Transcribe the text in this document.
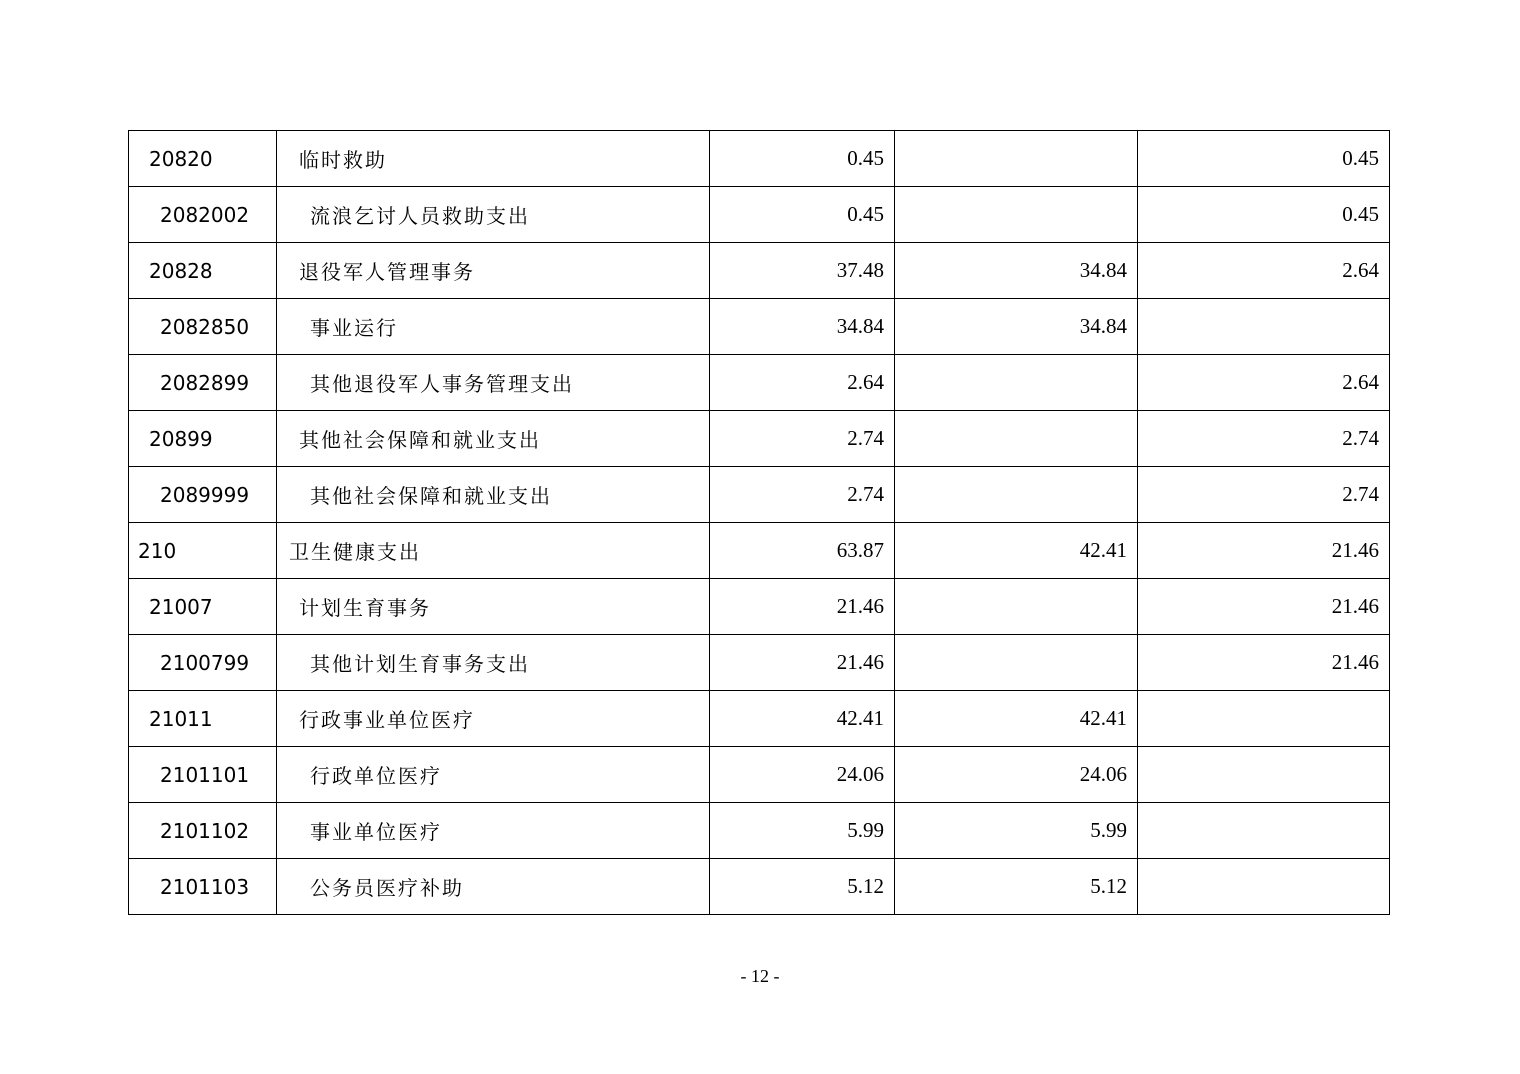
20820	临时救助	0.45		0.45
2082002	流浪乞讨人员救助支出	0.45		0.45
20828	退役军人管理事务	37.48	34.84	2.64
2082850	事业运行	34.84	34.84	
2082899	其他退役军人事务管理支出	2.64		2.64
20899	其他社会保障和就业支出	2.74		2.74
2089999	其他社会保障和就业支出	2.74		2.74
210	卫生健康支出	63.87	42.41	21.46
21007	计划生育事务	21.46		21.46
2100799	其他计划生育事务支出	21.46		21.46
21011	行政事业单位医疗	42.41	42.41	
2101101	行政单位医疗	24.06	24.06	
2101102	事业单位医疗	5.99	5.99	
2101103	公务员医疗补助	5.12	5.12	
- 12 -
